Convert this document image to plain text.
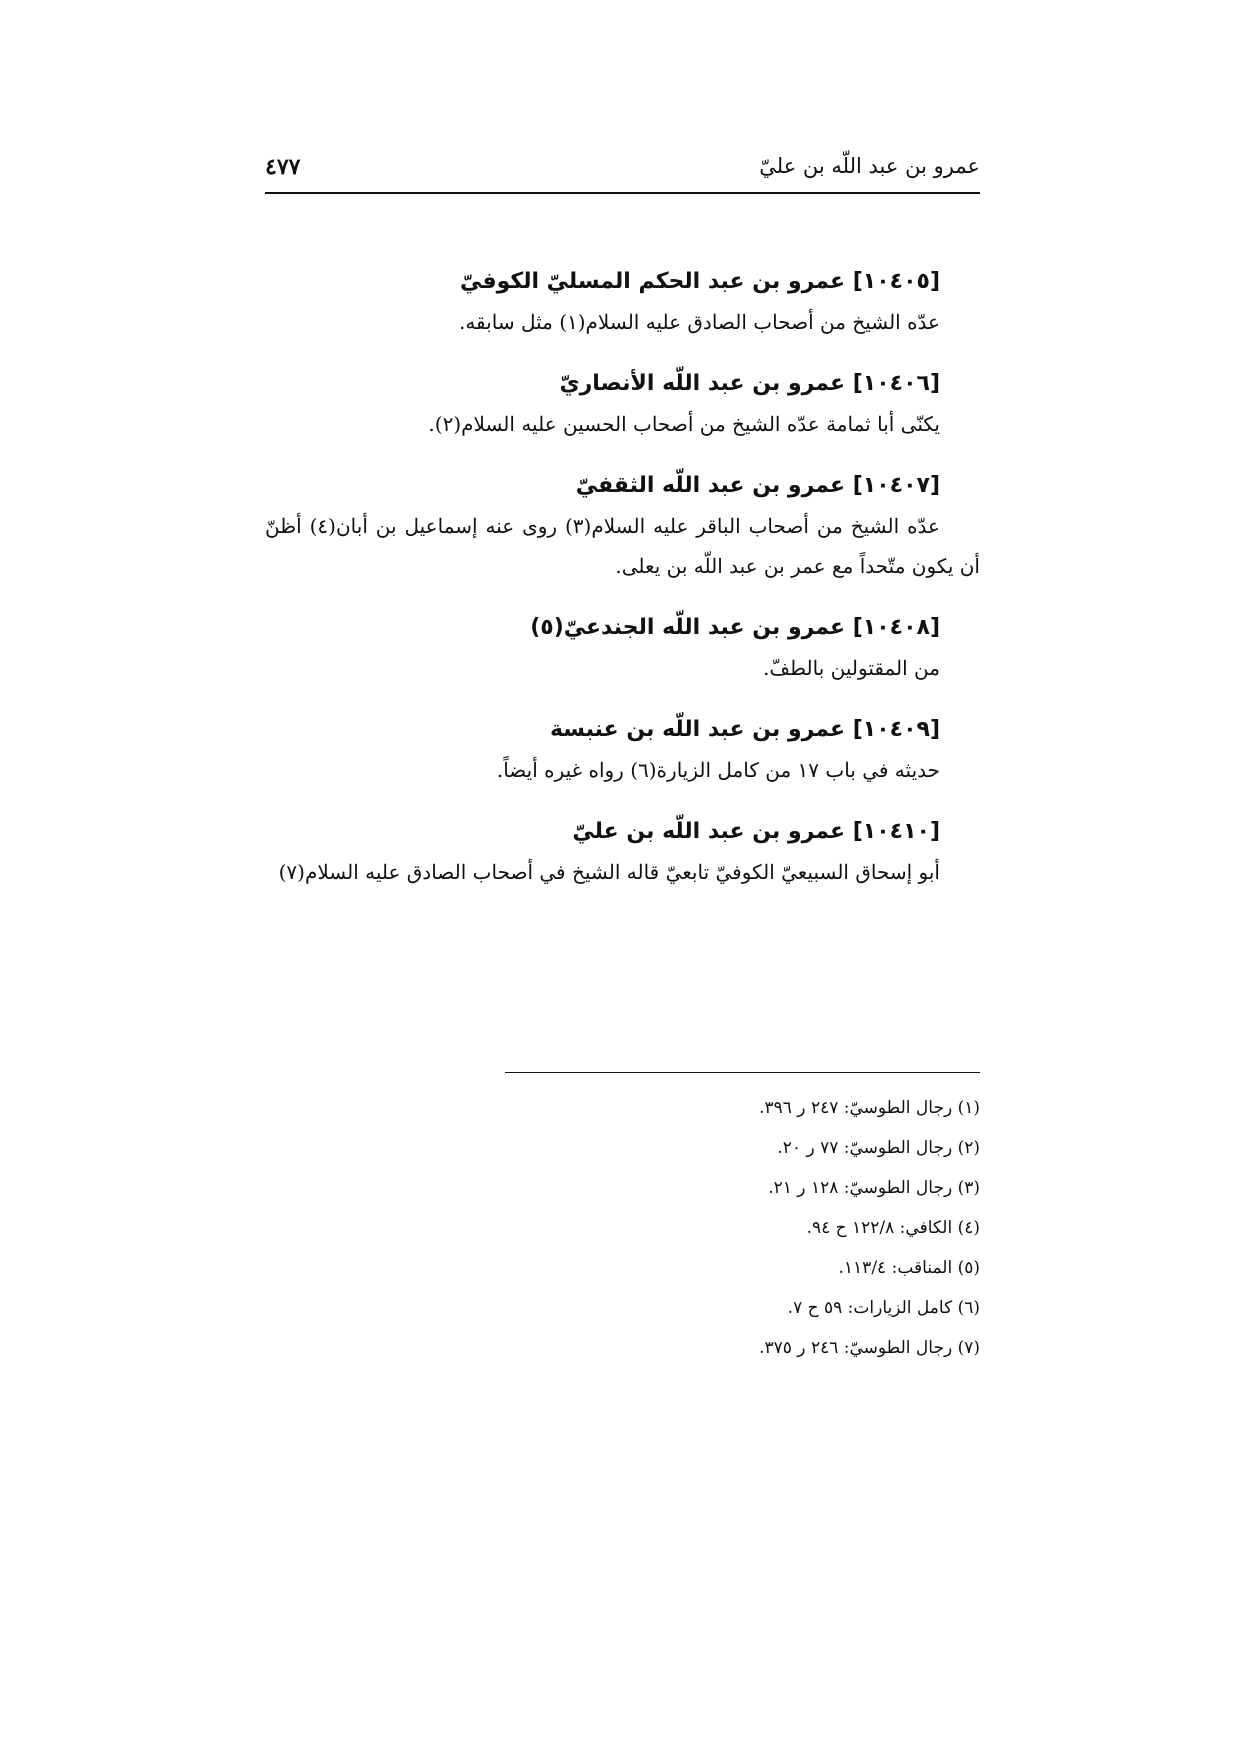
عمرو بن عبد اللّه بن عليّ
٤٧٧
[١٠٤٠٥] عمرو بن عبد الحكم المسليّ الكوفيّ
عدّه الشيخ من أصحاب الصادق عليه السلام(١) مثل سابقه.
[١٠٤٠٦] عمرو بن عبد اللّه الأنصاريّ
يكنّى أبا ثمامة عدّه الشيخ من أصحاب الحسين عليه السلام(٢).
[١٠٤٠٧] عمرو بن عبد اللّه الثقفيّ
عدّه الشيخ من أصحاب الباقر عليه السلام(٣) روى عنه إسماعيل بن أبان(٤) أظنّ أن يكون متّحداً مع عمر بن عبد اللّه بن يعلى.
[١٠٤٠٨] عمرو بن عبد اللّه الجندعيّ(٥)
من المقتولين بالطفّ.
[١٠٤٠٩] عمرو بن عبد اللّه بن عنبسة
حديثه في باب ١٧ من كامل الزيارة(٦) رواه غيره أيضاً.
[١٠٤١٠] عمرو بن عبد اللّه بن عليّ
أبو إسحاق السبيعيّ الكوفيّ تابعيّ قاله الشيخ في أصحاب الصادق عليه السلام(٧)
(١) رجال الطوسيّ: ٢٤٧ ر ٣٩٦.
(٢) رجال الطوسيّ: ٧٧ ر ٢٠.
(٣) رجال الطوسيّ: ١٢٨ ر ٢١.
(٤) الكافي: ١٢٢/٨ ح ٩٤.
(٥) المناقب: ١١٣/٤.
(٦) كامل الزيارات: ٥٩ ح ٧.
(٧) رجال الطوسيّ: ٢٤٦ ر ٣٧٥.
